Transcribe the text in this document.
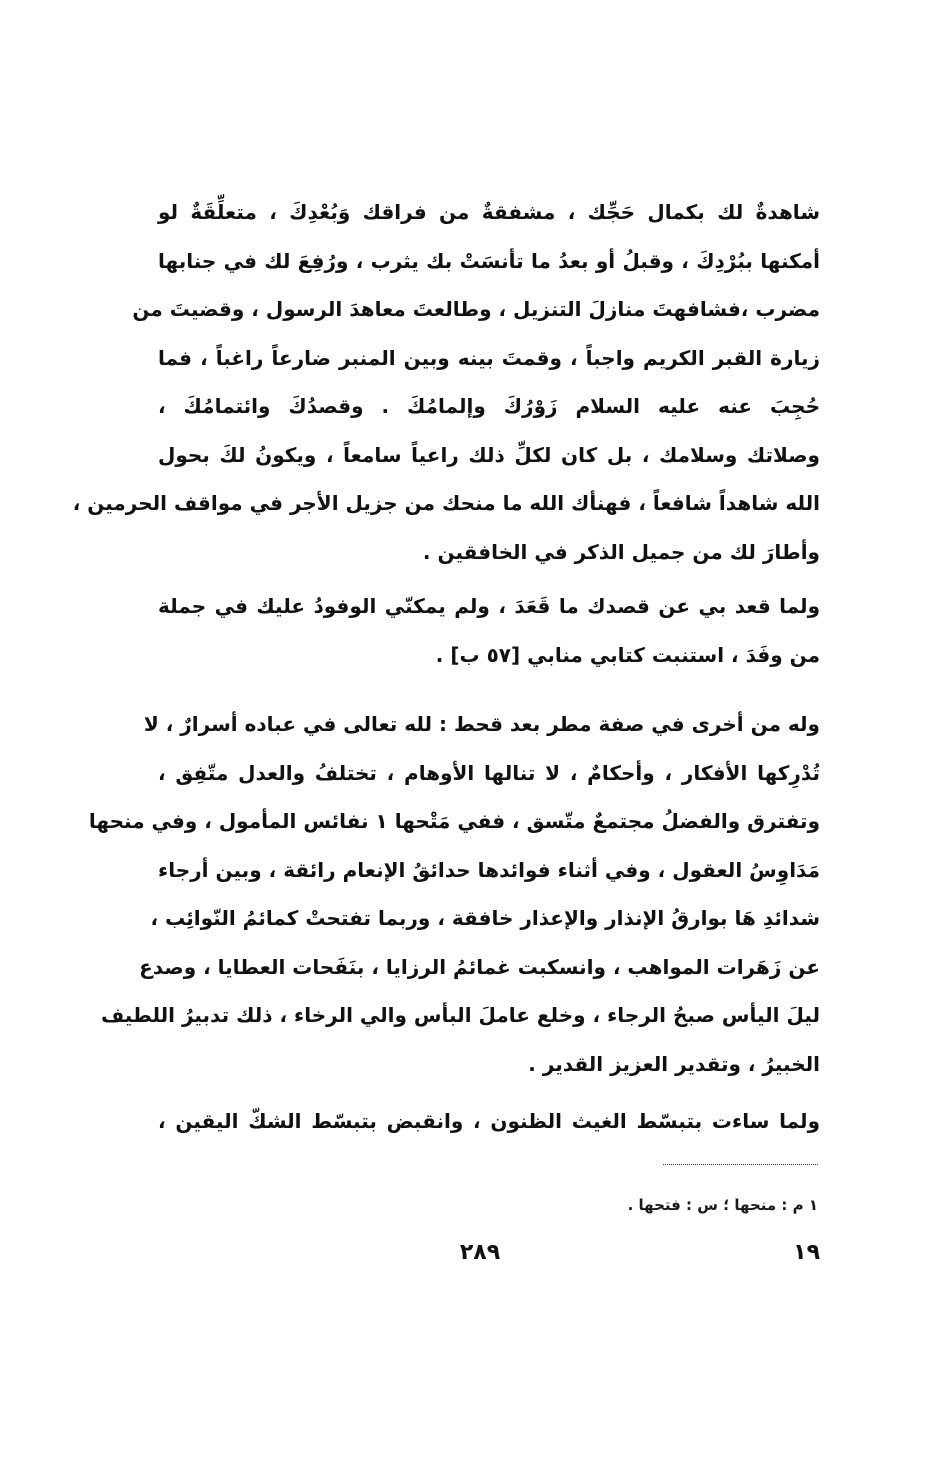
شاهدةٌ لك بكمال حَجِّك ، مشفقةٌ من فراقك وَبُعْدِكَ ، متعلِّقَةٌ لو
أمكنها ببُرْدِكَ ، وقبلُ أو بعدُ ما تأنسَتْ بك يثرب ، ورُفِعَ لك في جنابها
مضرب ،فشافهتَ منازلَ التنزيل ، وطالعتَ معاهدَ الرسول ، وقضيتَ من
زيارة القبر الكريم واجباً ، وقمتَ بينه وبين المنبر ضارعاً راغباً ، فما
حُجِبَ عنه عليه السلام زَوْرُكَ وإلمامُكَ . وقصدُكَ وائتمامُكَ ،
وصلاتك وسلامك ، بل كان لكلِّ ذلك راعياً سامعاً ، ويكونُ لكَ بحول
الله شاهداً شافعاً ، فهنأك الله ما منحك من جزيل الأجر في مواقف الحرمين ،
وأطارَ لك من جميل الذكر في الخافقين .
ولما قعد بي عن قصدك ما قَعَدَ ، ولم يمكنّي الوفودُ عليك في جملة
من وفَدَ ، استنبت كتابي منابي [٥٧ ب] .
وله من أخرى في صفة مطر بعد قحط : لله تعالى في عباده أسرارٌ ، لا
تُدْرِكها الأفكار ، وأحكامٌ ، لا تنالها الأوهام ، تختلفُ والعدل متّفِق ،
وتفترق والفضلُ مجتمعٌ متّسق ، ففي مَتْحها ١ نفائس المأمول ، وفي منحها
مَدَاوِسُ العقول ، وفي أثناء فوائدها حدائقُ الإنعام رائقة ، وبين أرجاء
شدائدِ هَا بوارقُ الإنذار والإعذار خافقة ، وربما تفتحتْ كمائمُ النّوائِب ،
عن زَهَرات المواهب ، وانسكبت غمائمُ الرزايا ، بنَفَحات العطايا ، وصدع
ليلَ اليأس صبحُ الرجاء ، وخلع عاملَ البأس والي الرخاء ، ذلك تدبيرُ اللطيف
الخبيرُ ، وتقدير العزيز القدير .
ولما ساءت بتبسّط الغيث الظنون ، وانقبض بتبسّط الشكّ اليقين ،
١ م : منحها ؛ س : فتحها .
٢٨٩	١٩
